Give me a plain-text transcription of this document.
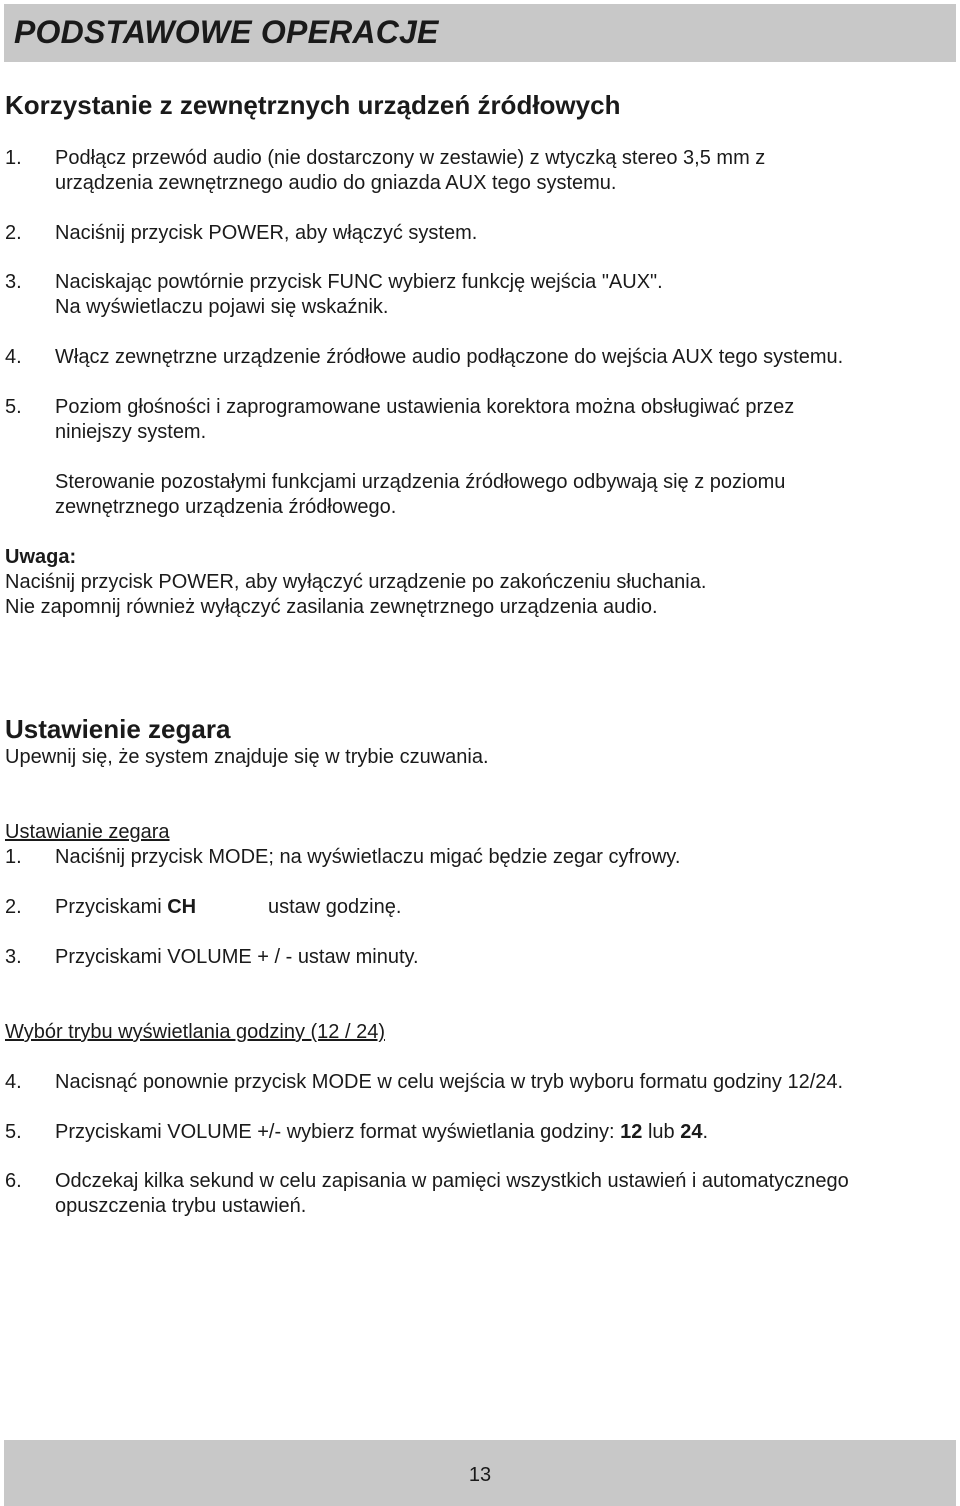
PODSTAWOWE OPERACJE
Korzystanie z zewnętrznych urządzeń źródłowych
1. Podłącz przewód audio (nie dostarczony w zestawie) z wtyczką stereo 3,5 mm z
urządzenia zewnętrznego audio do gniazda AUX tego systemu.
2. Naciśnij przycisk POWER, aby włączyć system.
3. Naciskając powtórnie przycisk FUNC wybierz funkcję wejścia "AUX".
Na wyświetlaczu pojawi się wskaźnik.
4. Włącz zewnętrzne urządzenie źródłowe audio podłączone do wejścia AUX tego systemu.
5. Poziom głośności i zaprogramowane ustawienia korektora można obsługiwać przez
niniejszy system.
Sterowanie pozostałymi funkcjami urządzenia źródłowego odbywają się z poziomu
zewnętrznego urządzenia źródłowego.
Uwaga:
Naciśnij przycisk POWER, aby wyłączyć urządzenie po zakończeniu słuchania.
Nie zapomnij również wyłączyć zasilania zewnętrznego urządzenia audio.
Ustawienie zegara
Upewnij się, że system znajduje się w trybie czuwania.
Ustawianie zegara
1. Naciśnij przycisk MODE; na wyświetlaczu migać będzie zegar cyfrowy.
2. Przyciskami CH	ustaw godzinę.
3. Przyciskami VOLUME + / - ustaw minuty.
Wybór trybu wyświetlania godziny (12 / 24)
4. Nacisnąć ponownie przycisk MODE w celu wejścia w tryb wyboru formatu godziny 12/24.
5. Przyciskami VOLUME +/- wybierz format wyświetlania godziny: 12 lub 24.
6. Odczekaj kilka sekund w celu zapisania w pamięci wszystkich ustawień i automatycznego
opuszczenia trybu ustawień.
13
